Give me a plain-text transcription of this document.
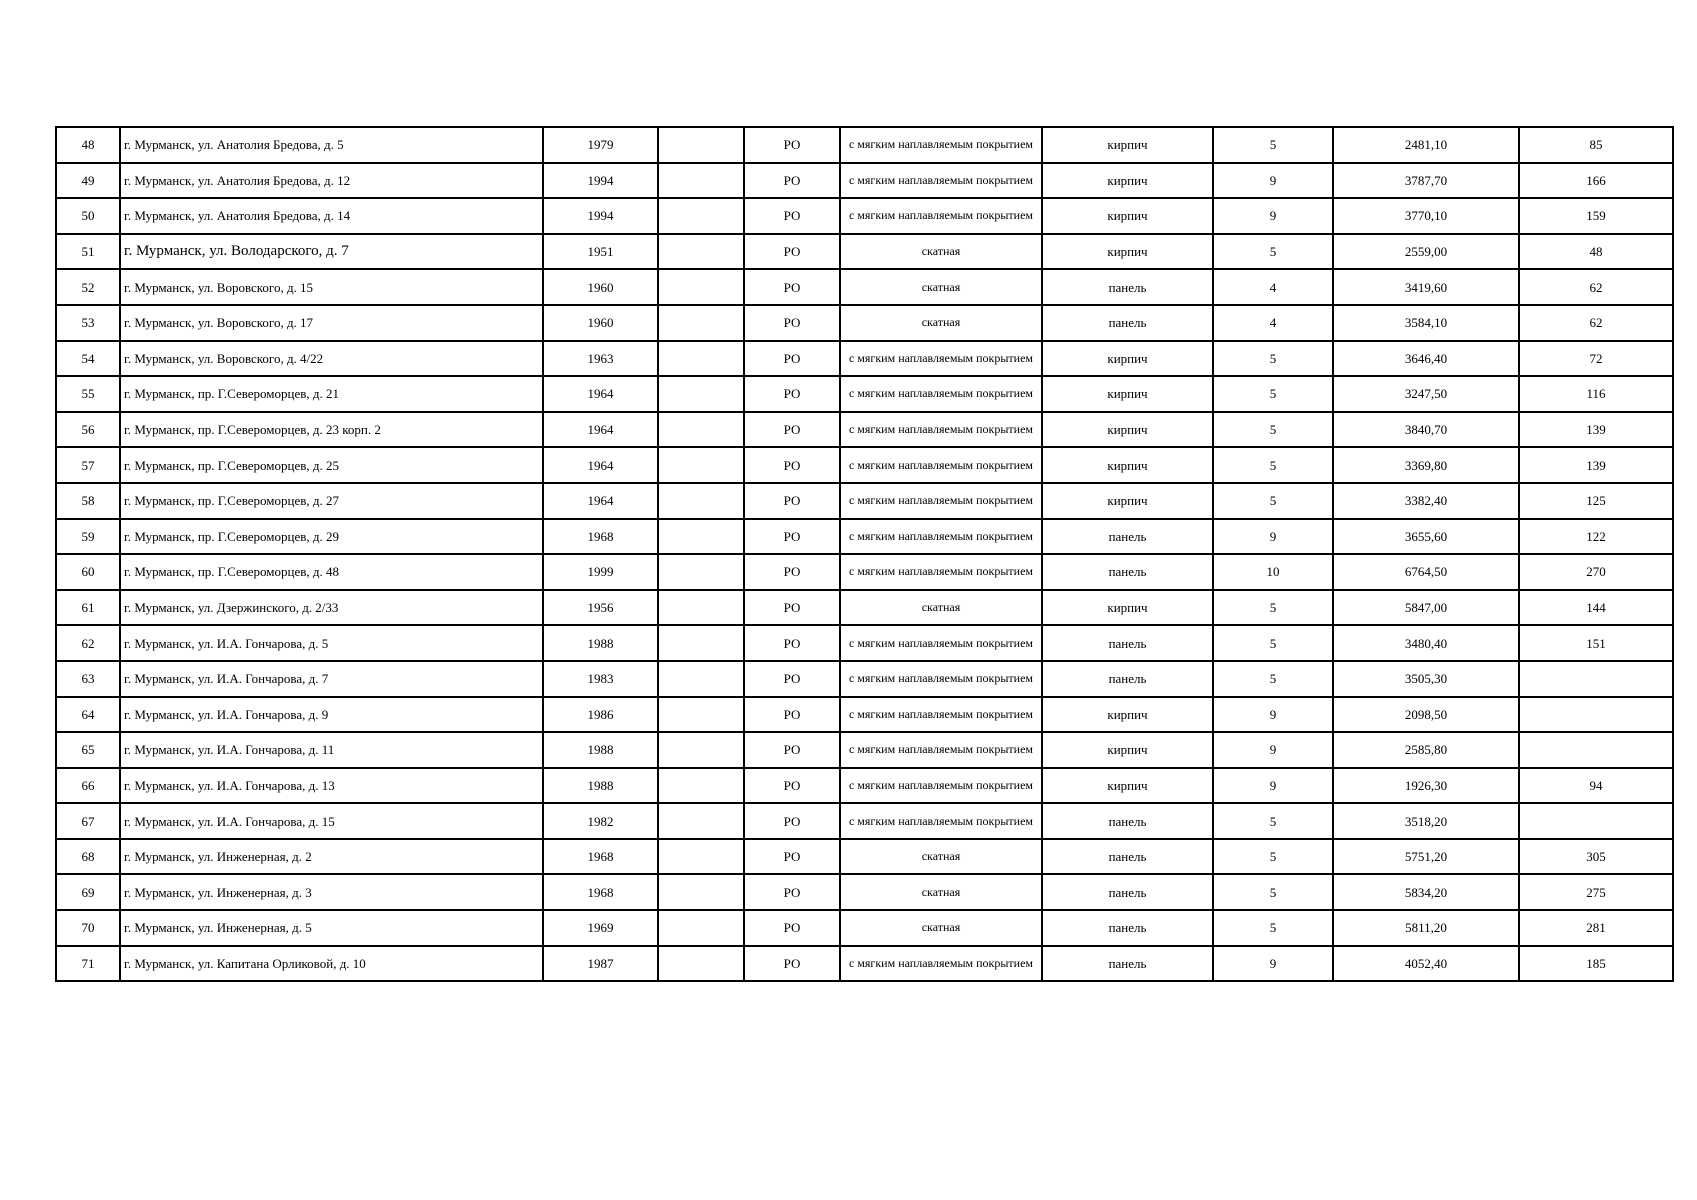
48	г. Мурманск, ул. Анатолия Бредова, д. 5	1979		РО	с мягким наплавляемым покрытием	кирпич	5	2481,10	85
49	г. Мурманск, ул. Анатолия Бредова, д. 12	1994		РО	с мягким наплавляемым покрытием	кирпич	9	3787,70	166
50	г. Мурманск, ул. Анатолия Бредова, д. 14	1994		РО	с мягким наплавляемым покрытием	кирпич	9	3770,10	159
51	г. Мурманск, ул. Володарского, д. 7	1951		РО	скатная	кирпич	5	2559,00	48
52	г. Мурманск, ул. Воровского, д. 15	1960		РО	скатная	панель	4	3419,60	62
53	г. Мурманск, ул. Воровского, д. 17	1960		РО	скатная	панель	4	3584,10	62
54	г. Мурманск, ул. Воровского, д. 4/22	1963		РО	с мягким наплавляемым покрытием	кирпич	5	3646,40	72
55	г. Мурманск, пр. Г.Североморцев, д. 21	1964		РО	с мягким наплавляемым покрытием	кирпич	5	3247,50	116
56	г. Мурманск, пр. Г.Североморцев, д. 23 корп. 2	1964		РО	с мягким наплавляемым покрытием	кирпич	5	3840,70	139
57	г. Мурманск, пр. Г.Североморцев, д. 25	1964		РО	с мягким наплавляемым покрытием	кирпич	5	3369,80	139
58	г. Мурманск, пр. Г.Североморцев, д. 27	1964		РО	с мягким наплавляемым покрытием	кирпич	5	3382,40	125
59	г. Мурманск, пр. Г.Североморцев, д. 29	1968		РО	с мягким наплавляемым покрытием	панель	9	3655,60	122
60	г. Мурманск, пр. Г.Североморцев, д. 48	1999		РО	с мягким наплавляемым покрытием	панель	10	6764,50	270
61	г. Мурманск, ул. Дзержинского, д. 2/33	1956		РО	скатная	кирпич	5	5847,00	144
62	г. Мурманск, ул. И.А. Гончарова, д. 5	1988		РО	с мягким наплавляемым покрытием	панель	5	3480,40	151
63	г. Мурманск, ул. И.А. Гончарова, д. 7	1983		РО	с мягким наплавляемым покрытием	панель	5	3505,30	
64	г. Мурманск, ул. И.А. Гончарова, д. 9	1986		РО	с мягким наплавляемым покрытием	кирпич	9	2098,50	
65	г. Мурманск, ул. И.А. Гончарова, д. 11	1988		РО	с мягким наплавляемым покрытием	кирпич	9	2585,80	
66	г. Мурманск, ул. И.А. Гончарова, д. 13	1988		РО	с мягким наплавляемым покрытием	кирпич	9	1926,30	94
67	г. Мурманск, ул. И.А. Гончарова, д. 15	1982		РО	с мягким наплавляемым покрытием	панель	5	3518,20	
68	г. Мурманск, ул. Инженерная, д. 2	1968		РО	скатная	панель	5	5751,20	305
69	г. Мурманск, ул. Инженерная, д. 3	1968		РО	скатная	панель	5	5834,20	275
70	г. Мурманск, ул. Инженерная, д. 5	1969		РО	скатная	панель	5	5811,20	281
71	г. Мурманск, ул. Капитана Орликовой, д. 10	1987		РО	с мягким наплавляемым покрытием	панель	9	4052,40	185
